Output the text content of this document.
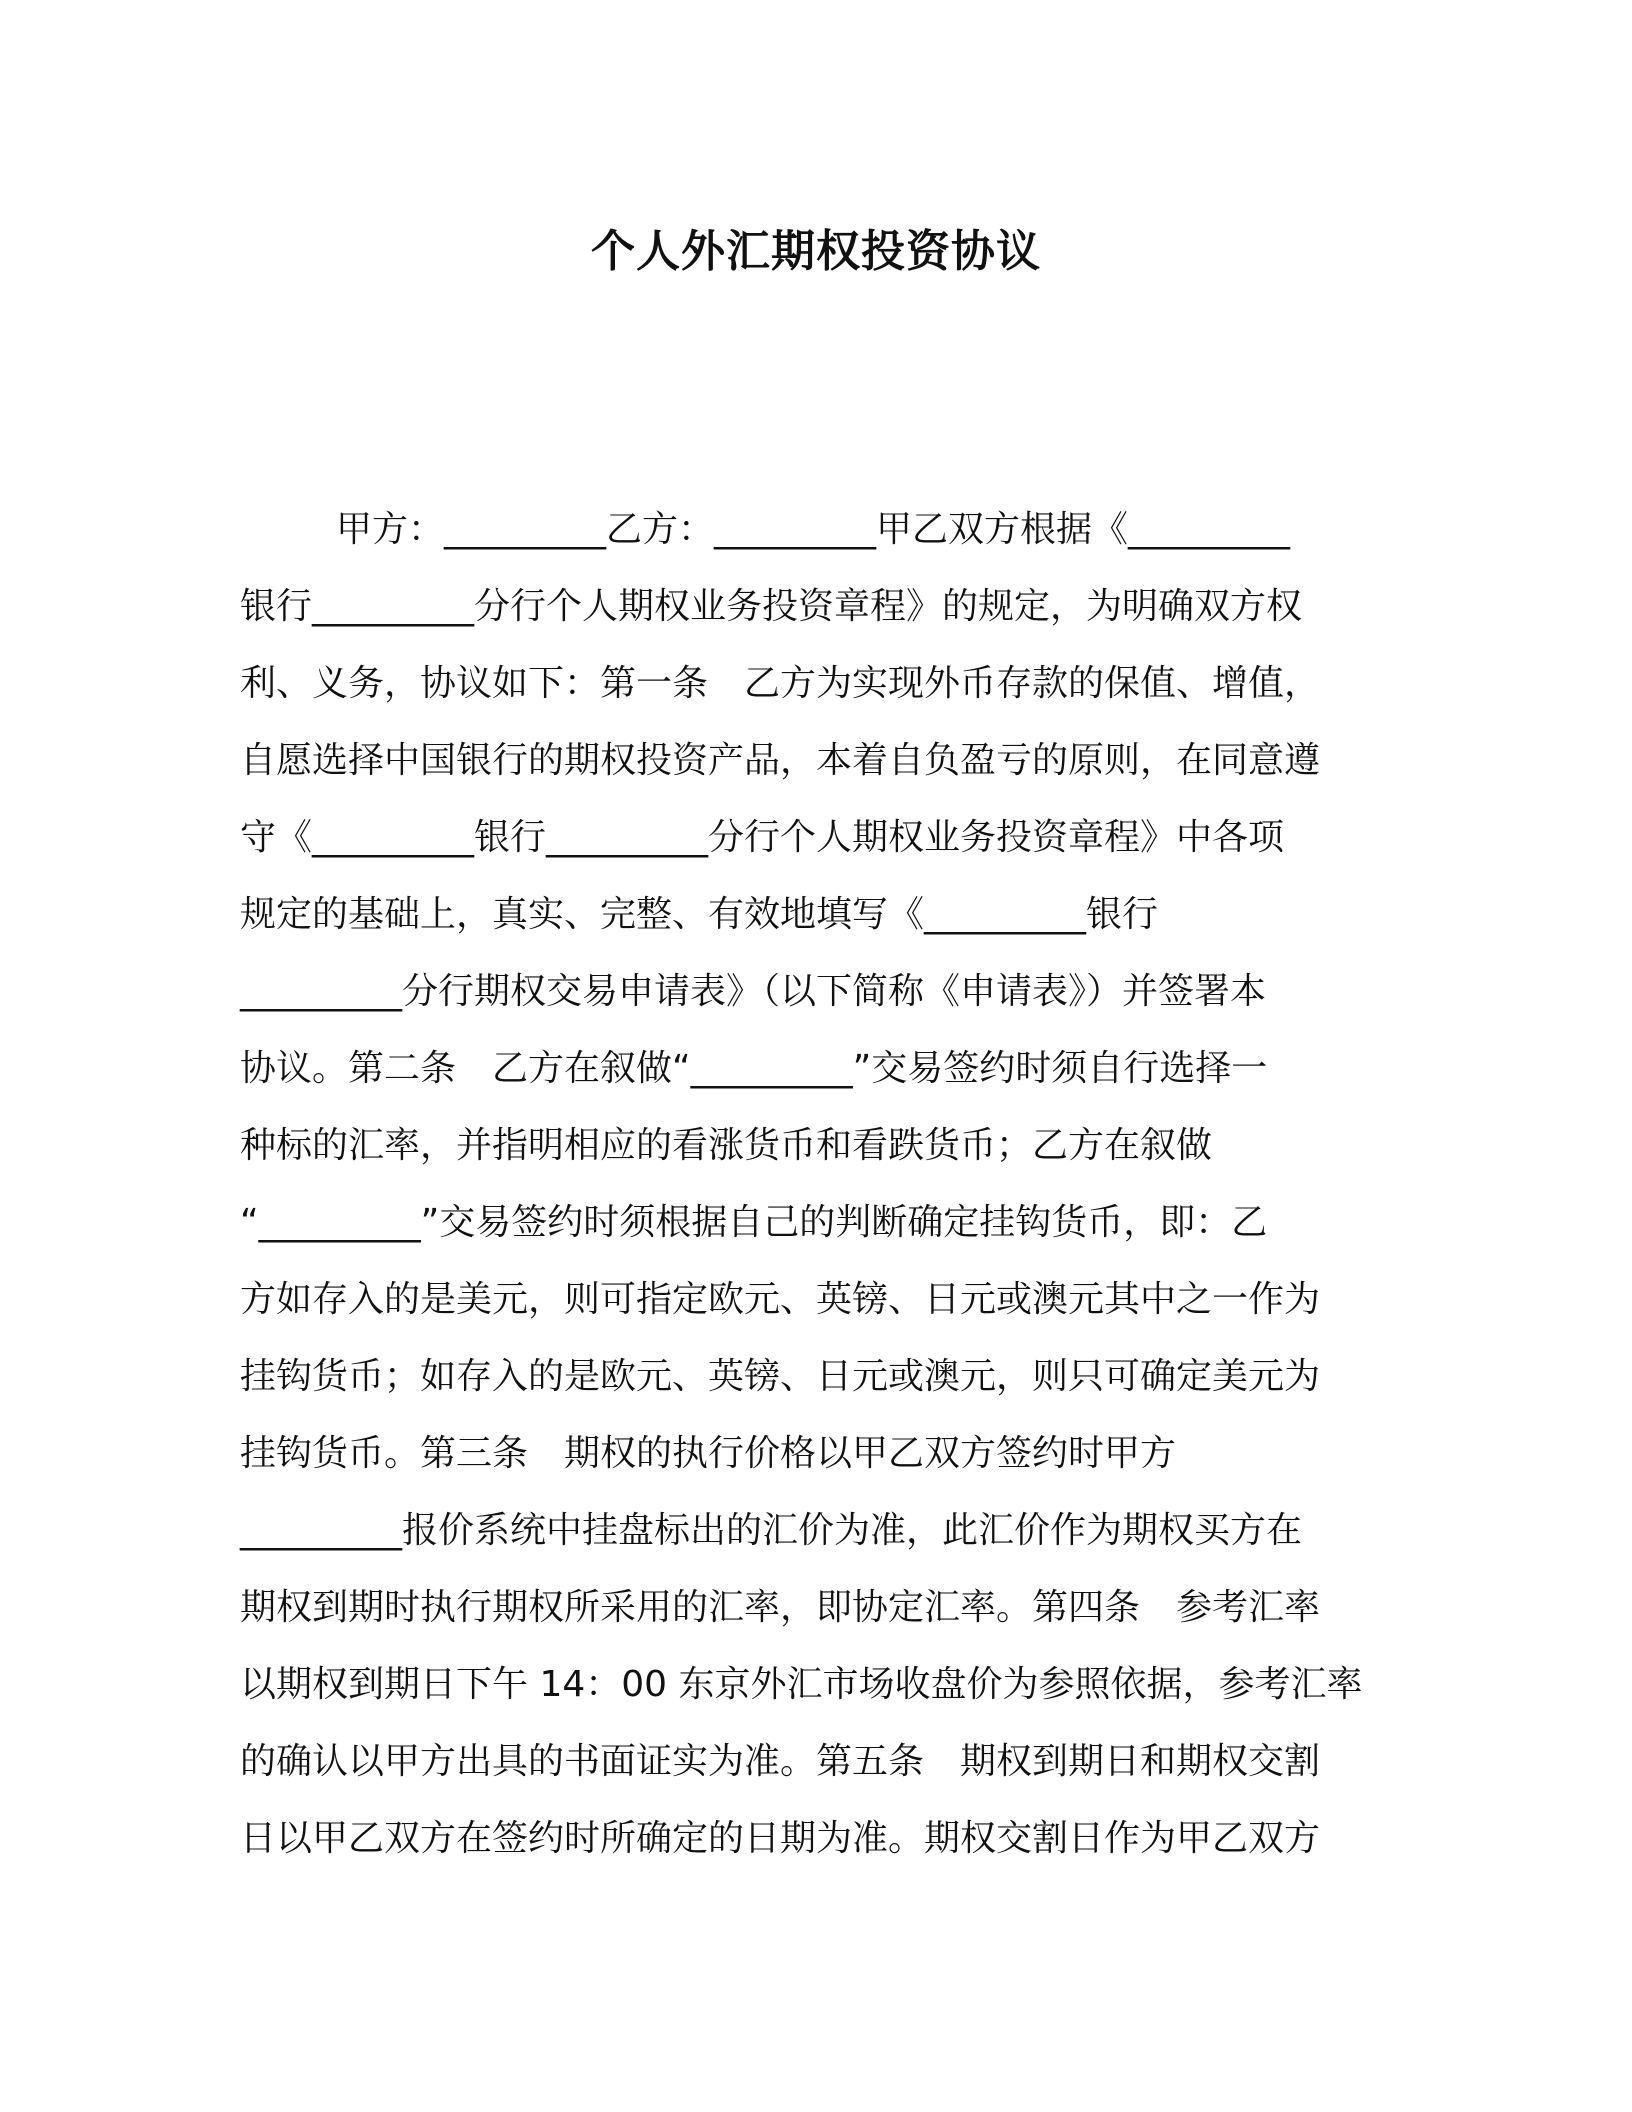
个人外汇期权投资协议
甲方：_________乙方：_________甲乙双方根据《_________
银行_________分行个人期权业务投资章程》的规定，为明确双方权
利、义务，协议如下：第一条　乙方为实现外币存款的保值、增值，
自愿选择中国银行的期权投资产品，本着自负盈亏的原则，在同意遵
守《_________银行_________分行个人期权业务投资章程》中各项
规定的基础上，真实、完整、有效地填写《_________银行
_________分行期权交易申请表》（以下简称《申请表》）并签署本
协议。第二条　乙方在叙做“_________”交易签约时须自行选择一
种标的汇率，并指明相应的看涨货币和看跌货币；乙方在叙做
“_________”交易签约时须根据自己的判断确定挂钩货币，即：乙
方如存入的是美元，则可指定欧元、英镑、日元或澳元其中之一作为
挂钩货币；如存入的是欧元、英镑、日元或澳元，则只可确定美元为
挂钩货币。第三条　期权的执行价格以甲乙双方签约时甲方
_________报价系统中挂盘标出的汇价为准，此汇价作为期权买方在
期权到期时执行期权所采用的汇率，即协定汇率。第四条　参考汇率
以期权到期日下午 14：00 东京外汇市场收盘价为参照依据，参考汇率
的确认以甲方出具的书面证实为准。第五条　期权到期日和期权交割
日以甲乙双方在签约时所确定的日期为准。期权交割日作为甲乙双方
